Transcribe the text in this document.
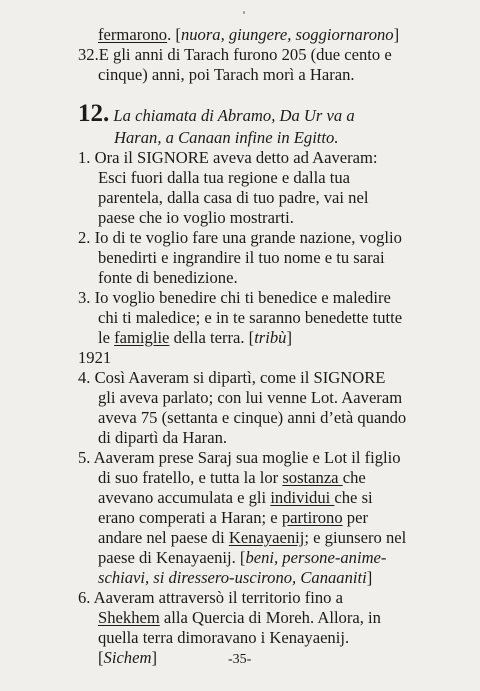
fermarono. [nuora, giungere, soggiornarono]
32.E gli anni di Tarach furono 205 (due cento e
cinque) anni, poi Tarach morì a Haran.
12. La chiamata di Abramo, Da Ur va a
Haran, a Canaan infine in Egitto.
1. Ora il SIGNORE aveva detto ad Aaveram:
Esci fuori dalla tua regione e dalla tua
parentela, dalla casa di tuo padre, vai nel
paese che io voglio mostrarti.
2. Io di te voglio fare una grande nazione, voglio
benedirti e ingrandire il tuo nome e tu sarai
fonte di benedizione.
3. Io voglio benedire chi ti benedice e maledire
chi ti maledice; e in te saranno benedette tutte
le famiglie della terra. [tribù]
1921
4. Così Aaveram si dipartì, come il SIGNORE
gli aveva parlato; con lui venne Lot. Aaveram
aveva 75 (settanta e cinque) anni d’età quando
di dipartì da Haran.
5. Aaveram prese Saraj sua moglie e Lot il figlio
di suo fratello, e tutta la lor sostanza che
avevano accumulata e gli individui che si
erano comperati a Haran; e partirono per
andare nel paese di Kenayaenij; e giunsero nel
paese di Kenayaenij. [beni, persone-anime-
schiavi, si diressero-uscirono, Canaaniti]
6. Aaveram attraversò il territorio fino a
Shekhem alla Quercia di Moreh. Allora, in
quella terra dimoravano i Kenayaenij.
[Sichem]	-35-
